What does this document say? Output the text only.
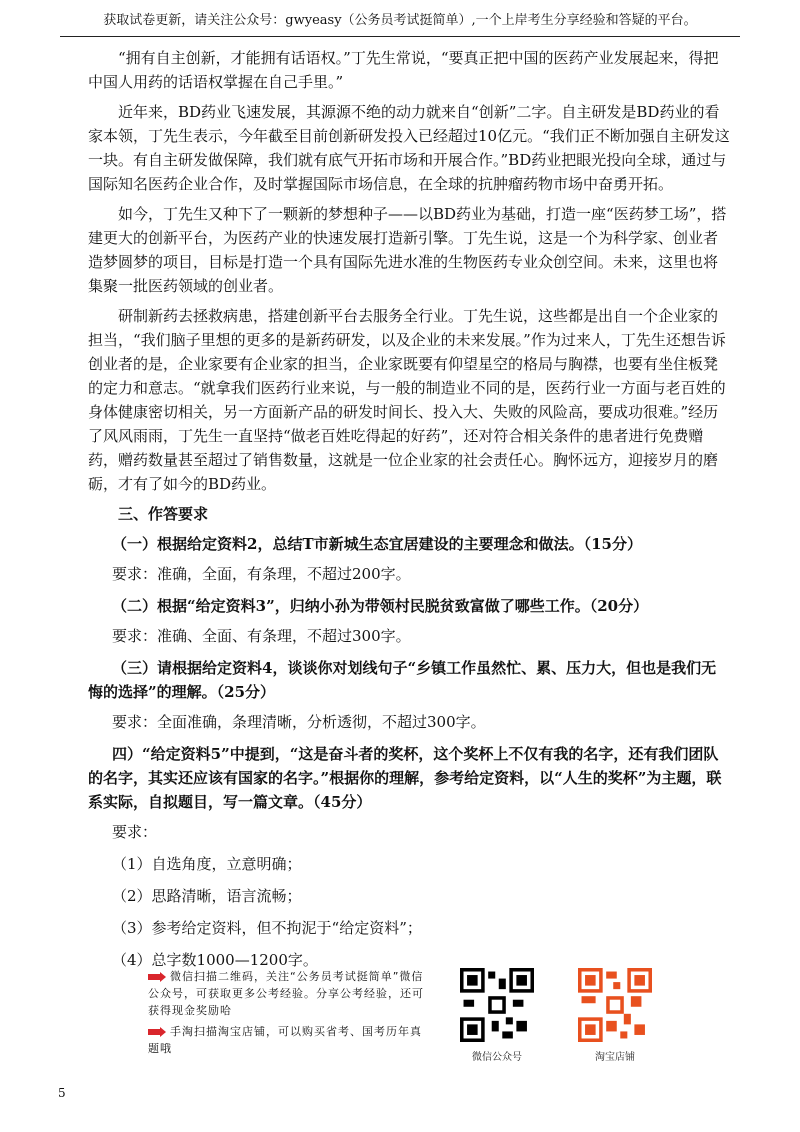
获取试卷更新，请关注公众号：gwyeasy（公务员考试挺简单）,一个上岸考生分享经验和答疑的平台。

“拥有自主创新，才能拥有话语权。”丁先生常说，“要真正把中国的医药产业发展起来，得把中国人用药的话语权掌握在自己手里。”

近年来，BD药业飞速发展，其源源不绝的动力就来自“创新”二字。自主研发是BD药业的看家本领，丁先生表示，今年截至目前创新研发投入已经超过10亿元。“我们正不断加强自主研发这一块。有自主研发做保障，我们就有底气开拓市场和开展合作。”BD药业把眼光投向全球，通过与国际知名医药企业合作，及时掌握国际市场信息，在全球的抗肿瘤药物市场中奋勇开拓。

如今，丁先生又种下了一颗新的梦想种子——以BD药业为基础，打造一座“医药梦工场”，搭建更大的创新平台，为医药产业的快速发展打造新引擎。丁先生说，这是一个为科学家、创业者造梦圆梦的项目，目标是打造一个具有国际先进水准的生物医药专业众创空间。未来，这里也将集聚一批医药领域的创业者。

研制新药去拯救病患，搭建创新平台去服务全行业。丁先生说，这些都是出自一个企业家的担当，“我们脑子里想的更多的是新药研发，以及企业的未来发展。”作为过来人，丁先生还想告诉创业者的是，企业家要有企业家的担当，企业家既要有仰望星空的格局与胸襟，也要有坐住板凳的定力和意志。“就拿我们医药行业来说，与一般的制造业不同的是，医药行业一方面与老百姓的身体健康密切相关，另一方面新产品的研发时间长、投入大、失败的风险高，要成功很难。”经历了风风雨雨，丁先生一直坚持“做老百姓吃得起的好药”，还对符合相关条件的患者进行免费赠药，赠药数量甚至超过了销售数量，这就是一位企业家的社会责任心。胸怀远方，迎接岁月的磨砺，才有了如今的BD药业。

三、作答要求

（一）根据给定资料2，总结T市新城生态宜居建设的主要理念和做法。（15分）

要求：准确，全面，有条理，不超过200字。

（二）根据“给定资料3”，归纳小孙为带领村民脱贫致富做了哪些工作。（20分）

要求：准确、全面、有条理，不超过300字。

（三）请根据给定资料4，谈谈你对划线句子“乡镇工作虽然忙、累、压力大，但也是我们无悔的选择”的理解。（25分）

要求：全面准确，条理清晰，分析透彻，不超过300字。

四）“给定资料5”中提到，“这是奋斗者的奖杯，这个奖杯上不仅有我的名字，还有我们团队的名字，其实还应该有国家的名字。”根据你的理解，参考给定资料，以“人生的奖杯”为主题，联系实际，自拟题目，写一篇文章。（45分）

要求：

（1）自选角度，立意明确；
（2）思路清晰，语言流畅；
（3）参考给定资料，但不拘泥于“给定资料”；
（4）总字数1000—1200字。
微信扫描二维码，关注“公务员考试挺简单”微信公众号，可获取更多公考经验。分享公考经验，还可获得现金奖励哈
手淘扫描淘宝店铺，可以购买省考、国考历年真题哦
微信公众号	淘宝店铺
5
